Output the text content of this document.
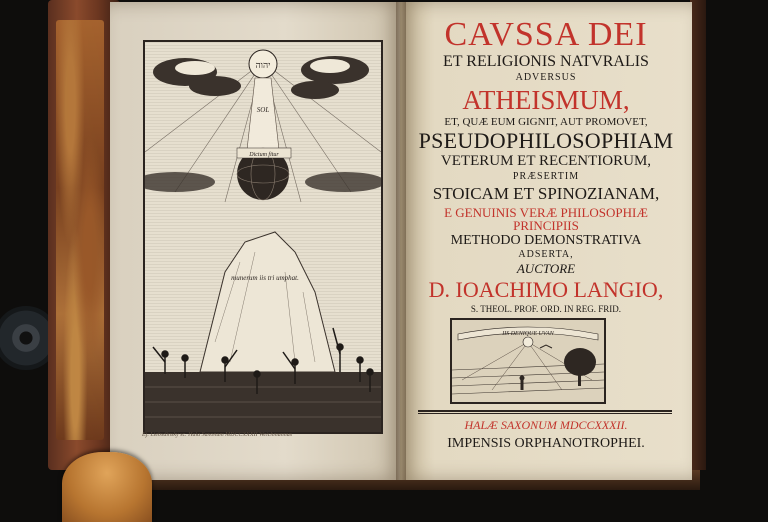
יהוה
SOL
Dictum fitur
munerum iis tri umphat.
Ej. Liebsdinsky sc. Hala Saxonum MDCCXXXII Weichmannus
CAVSSA DEI
ET RELIGIONIS NATVRALIS
ADVERSUS
ATHEISMUM,
ET, QUÆ EUM GIGNIT, AUT PROMOVET,
PSEUDOPHILOSOPHIAM
VETERUM ET RECENTIORUM,
PRÆSERTIM
STOICAM ET SPINOZIANAM,
E GENUINIS VERÆ PHILOSOPHIÆ
PRINCIPIIS
METHODO DEMONSTRATIVA
ADSERTA,
AUCTORE
D. IOACHIMO LANGIO,
S. THEOL. PROF. ORD. IN REG. FRID.
IIS DENIQUE UVAN
HALÆ SAXONUM MDCCXXXII.
IMPENSIS ORPHANOTROPHEI.
